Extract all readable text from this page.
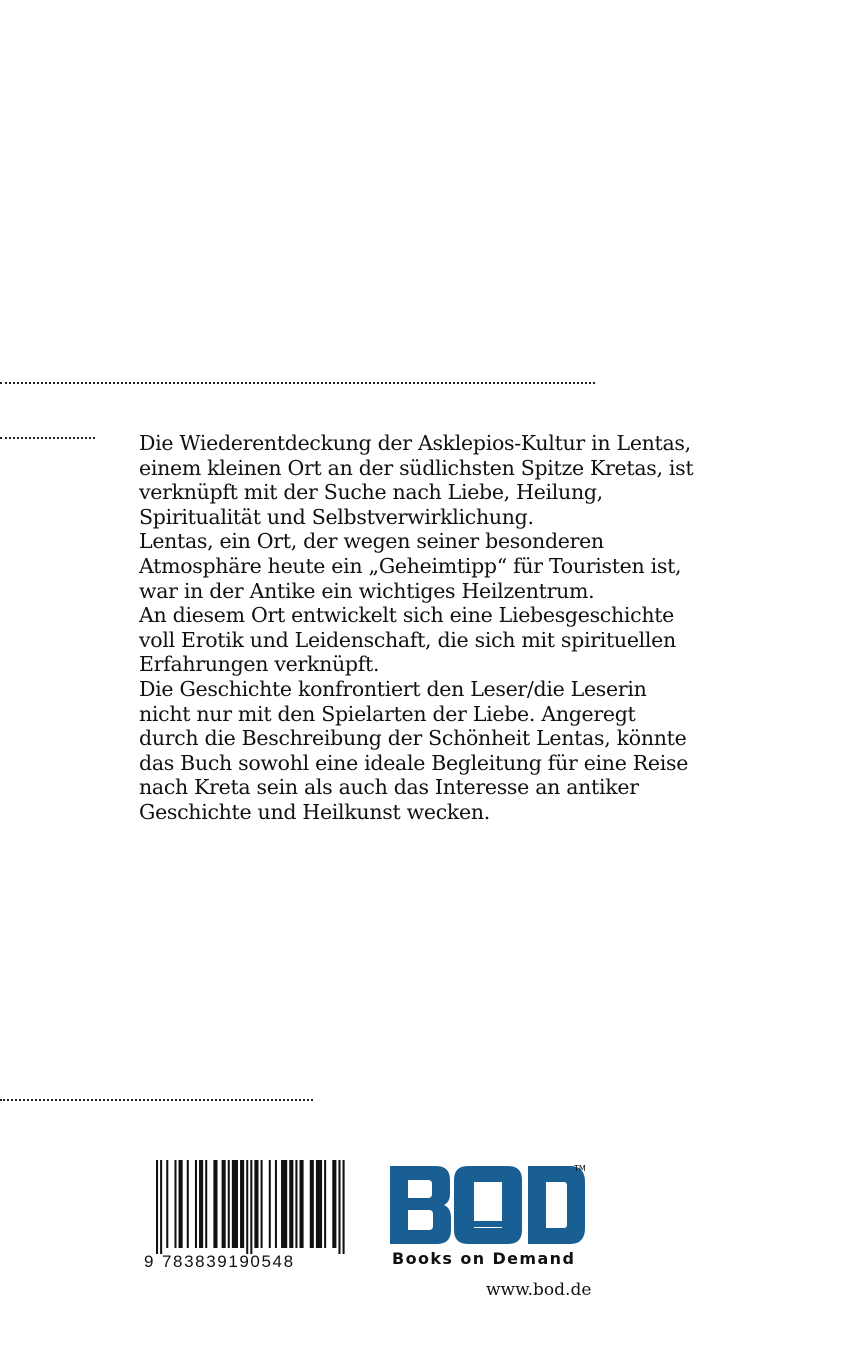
Die Wiederentdeckung der Asklepios-Kultur in Lentas,
einem kleinen Ort an der südlichsten Spitze Kretas, ist
verknüpft mit der Suche nach Liebe, Heilung,
Spiritualität und Selbstverwirklichung.
Lentas, ein Ort, der wegen seiner besonderen
Atmosphäre heute ein „Geheimtipp“ für Touristen ist,
war in der Antike ein wichtiges Heilzentrum.
An diesem Ort entwickelt sich eine Liebesgeschichte
voll Erotik und Leidenschaft, die sich mit spirituellen
Erfahrungen verknüpft.
Die Geschichte konfrontiert den Leser/die Leserin
nicht nur mit den Spielarten der Liebe. Angeregt
durch die Beschreibung der Schönheit Lentas, könnte
das Buch sowohl eine ideale Begleitung für eine Reise
nach Kreta sein als auch das Interesse an antiker
Geschichte und Heilkunst wecken.
9 783839190548
TM
Books on Demand
www.bod.de
